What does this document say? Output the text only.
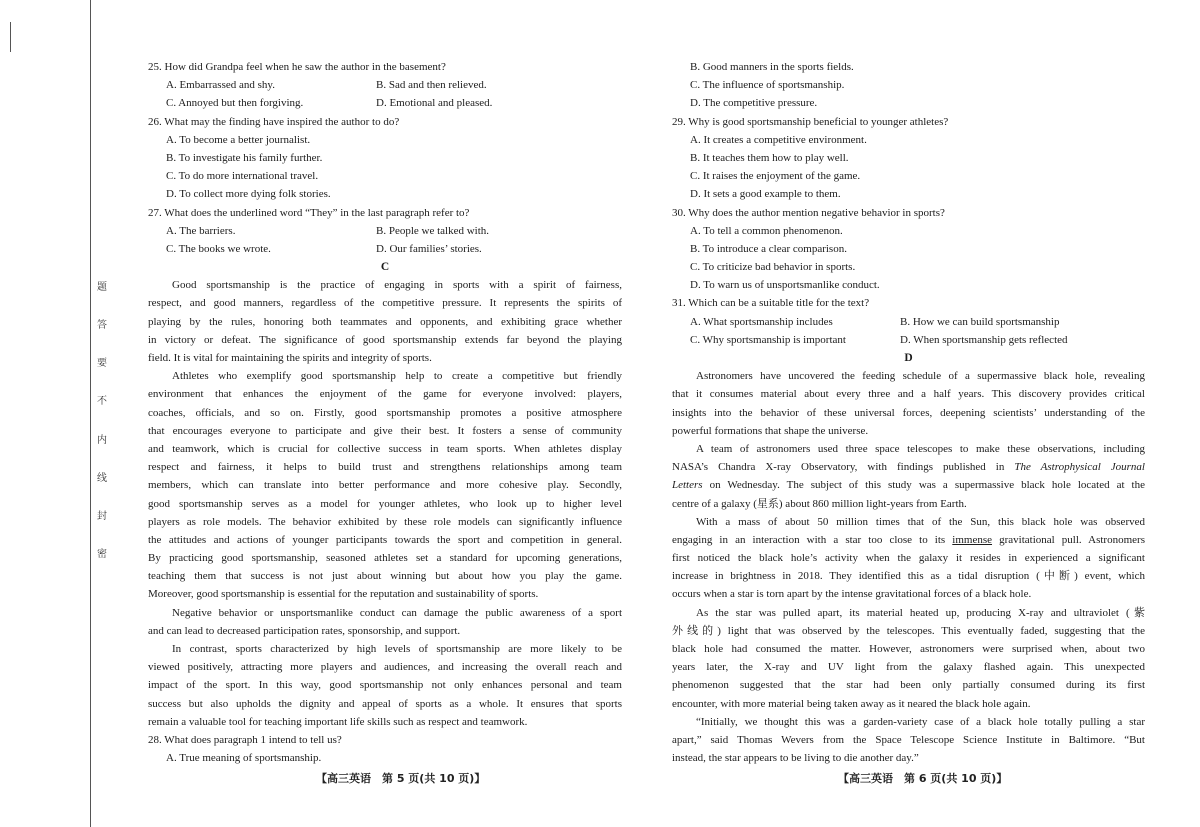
题
答
要
不
内
线
封
密
25. How did Grandpa feel when he saw the author in the basement?
A. Embarrassed and shy.	B. Sad and then relieved.
C. Annoyed but then forgiving.	D. Emotional and pleased.
26. What may the finding have inspired the author to do?
A. To become a better journalist.
B. To investigate his family further.
C. To do more international travel.
D. To collect more dying folk stories.
27. What does the underlined word “They” in the last paragraph refer to?
A. The barriers.	B. People we talked with.
C. The books we wrote.	D. Our families’ stories.
C
Good sportsmanship is the practice of engaging in sports with a spirit of fairness,
respect, and good manners, regardless of the competitive pressure. It represents the spirits of
playing by the rules, honoring both teammates and opponents, and exhibiting grace whether
in victory or defeat. The significance of good sportsmanship extends far beyond the playing
field. It is vital for maintaining the spirits and integrity of sports.
Athletes who exemplify good sportsmanship help to create a competitive but friendly
environment that enhances the enjoyment of the game for everyone involved: players,
coaches, officials, and so on. Firstly, good sportsmanship promotes a positive atmosphere
that encourages everyone to participate and give their best. It fosters a sense of community
and teamwork, which is crucial for collective success in team sports. When athletes display
respect and fairness, it helps to build trust and strengthens relationships among team
members, which can translate into better performance and more cohesive play. Secondly,
good sportsmanship serves as a model for younger athletes, who look up to higher level
players as role models. The behavior exhibited by these role models can significantly influence
the attitudes and actions of younger participants towards the sport and competition in general.
By practicing good sportsmanship, seasoned athletes set a standard for upcoming generations,
teaching them that success is not just about winning but about how you play the game.
Moreover, good sportsmanship is essential for the reputation and sustainability of sports.
Negative behavior or unsportsmanlike conduct can damage the public awareness of a sport
and can lead to decreased participation rates, sponsorship, and support.
In contrast, sports characterized by high levels of sportsmanship are more likely to be
viewed positively, attracting more players and audiences, and increasing the overall reach and
impact of the sport. In this way, good sportsmanship not only enhances personal and team
success but also upholds the dignity and appeal of sports as a whole. It ensures that sports
remain a valuable tool for teaching important life skills such as respect and teamwork.
28. What does paragraph 1 intend to tell us?
A. True meaning of sportsmanship.
B. Good manners in the sports fields.
C. The influence of sportsmanship.
D. The competitive pressure.
29. Why is good sportsmanship beneficial to younger athletes?
A. It creates a competitive environment.
B. It teaches them how to play well.
C. It raises the enjoyment of the game.
D. It sets a good example to them.
30. Why does the author mention negative behavior in sports?
A. To tell a common phenomenon.
B. To introduce a clear comparison.
C. To criticize bad behavior in sports.
D. To warn us of unsportsmanlike conduct.
31. Which can be a suitable title for the text?
A. What sportsmanship includes	B. How we can build sportsmanship
C. Why sportsmanship is important	D. When sportsmanship gets reflected
D
Astronomers have uncovered the feeding schedule of a supermassive black hole, revealing
that it consumes material about every three and a half years. This discovery provides critical
insights into the behavior of these universal forces, deepening scientists’ understanding of the
powerful formations that shape the universe.
A team of astronomers used three space telescopes to make these observations, including
NASA’s Chandra X-ray Observatory, with findings published in The Astrophysical Journal
Letters on Wednesday. The subject of this study was a supermassive black hole located at the
centre of a galaxy (星系) about 860 million light-years from Earth.
With a mass of about 50 million times that of the Sun, this black hole was observed
engaging in an interaction with a star too close to its immense gravitational pull. Astronomers
first noticed the black hole’s activity when the galaxy it resides in experienced a significant
increase in brightness in 2018. They identified this as a tidal disruption (中断) event, which
occurs when a star is torn apart by the intense gravitational forces of a black hole.
As the star was pulled apart, its material heated up, producing X-ray and ultraviolet (紫
外线的) light that was observed by the telescopes. This eventually faded, suggesting that the
black hole had consumed the matter. However, astronomers were surprised when, about two
years later, the X-ray and UV light from the galaxy flashed again. This unexpected
phenomenon suggested that the star had been only partially consumed during its first
encounter, with more material being taken away as it neared the black hole again.
“Initially, we thought this was a garden-variety case of a black hole totally pulling a star
apart,” said Thomas Wevers from the Space Telescope Science Institute in Baltimore. “But
instead, the star appears to be living to die another day.”
【高三英语　第 5 页(共 10 页)】	【高三英语　第 6 页(共 10 页)】
